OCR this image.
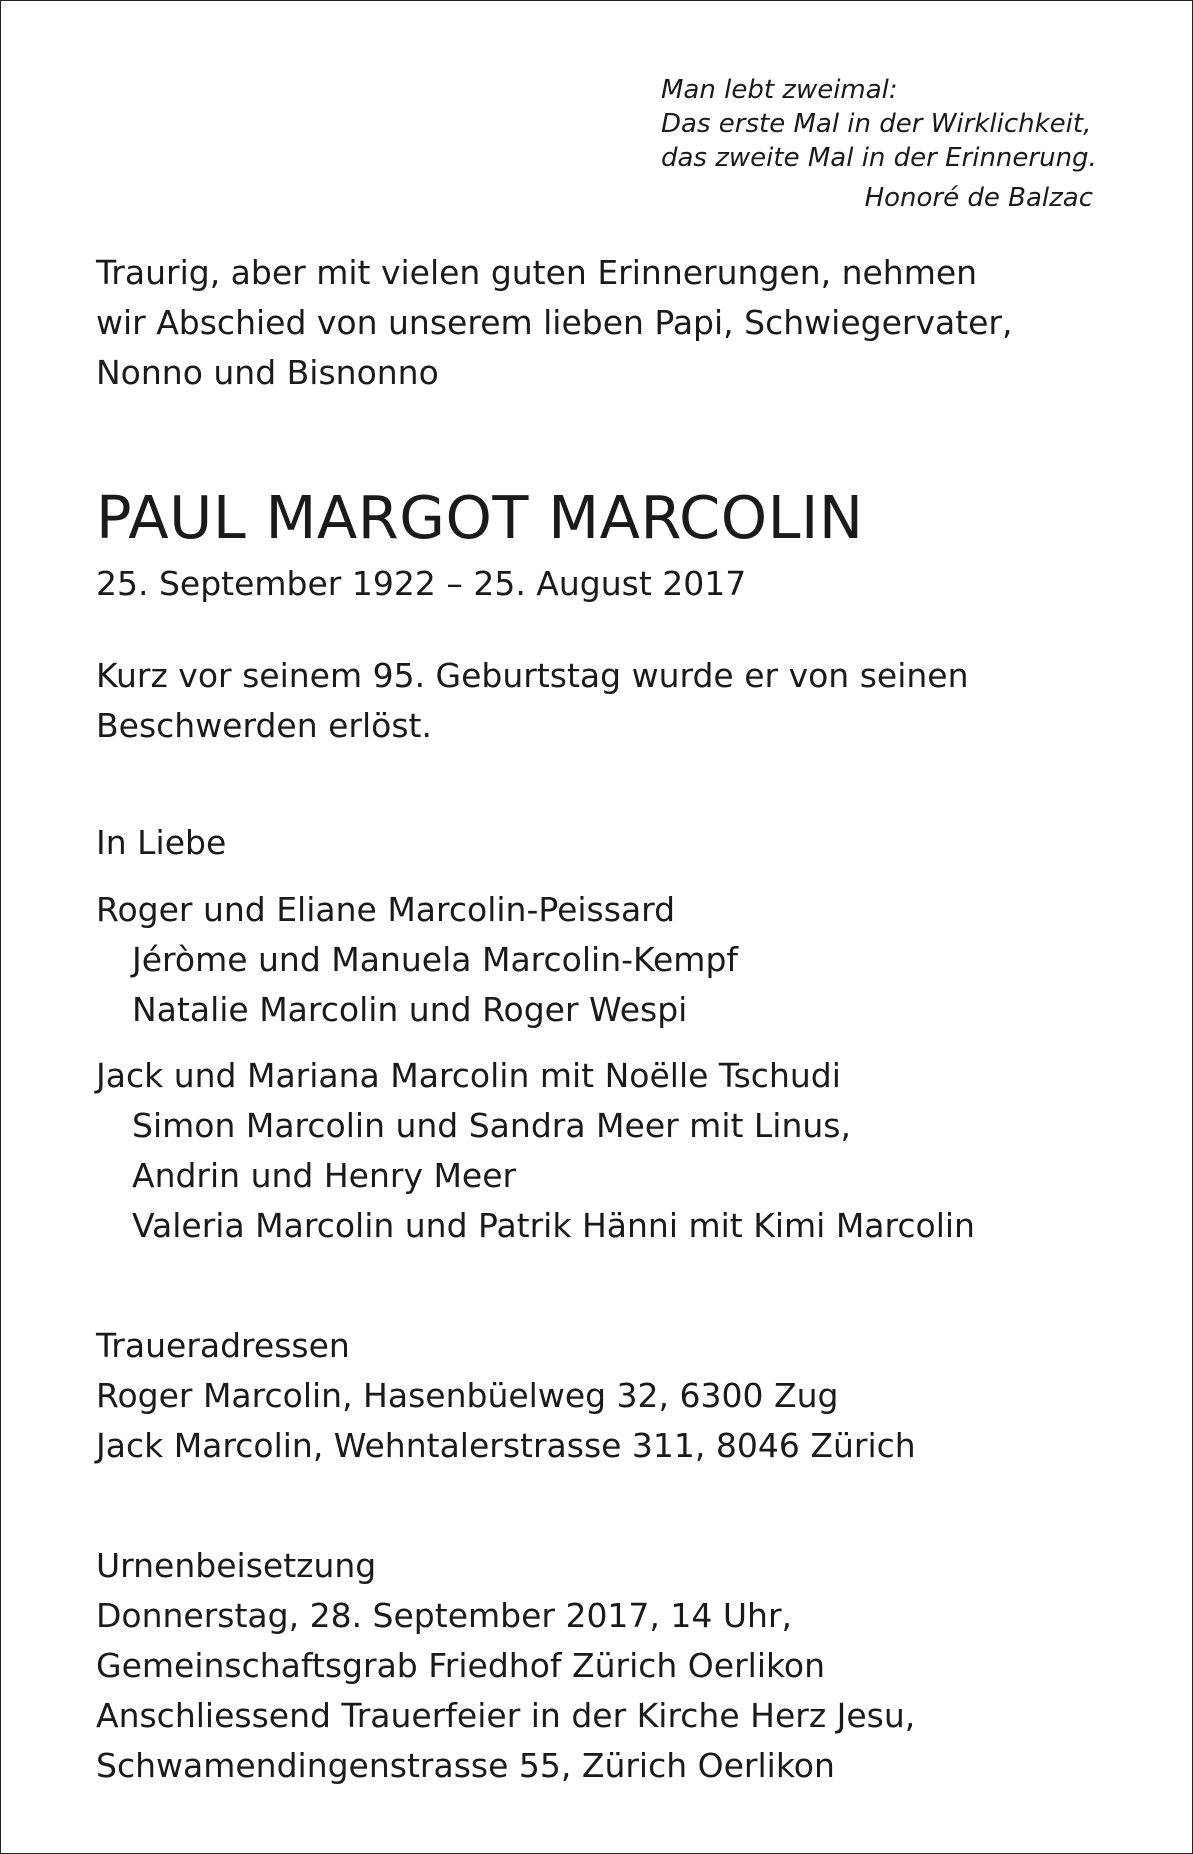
Man lebt zweimal:
Das erste Mal in der Wirklichkeit,
das zweite Mal in der Erinnerung.
Honoré de Balzac
Traurig, aber mit vielen guten Erinnerungen, nehmen
wir Abschied von unserem lieben Papi, Schwiegervater,
Nonno und Bisnonno
PAUL MARGOT MARCOLIN
25. September 1922 – 25. August 2017
Kurz vor seinem 95. Geburtstag wurde er von seinen
Beschwerden erlöst.
In Liebe
Roger und Eliane Marcolin-Peissard
Jéròme und Manuela Marcolin-Kempf
Natalie Marcolin und Roger Wespi
Jack und Mariana Marcolin mit Noëlle Tschudi
Simon Marcolin und Sandra Meer mit Linus,
Andrin und Henry Meer
Valeria Marcolin und Patrik Hänni mit Kimi Marcolin
Traueradressen
Roger Marcolin, Hasenbüelweg 32, 6300 Zug
Jack Marcolin, Wehntalerstrasse 311, 8046 Zürich
Urnenbeisetzung
Donnerstag, 28. September 2017, 14 Uhr,
Gemeinschaftsgrab Friedhof Zürich Oerlikon
Anschliessend Trauerfeier in der Kirche Herz Jesu,
Schwamendingenstrasse 55, Zürich Oerlikon
